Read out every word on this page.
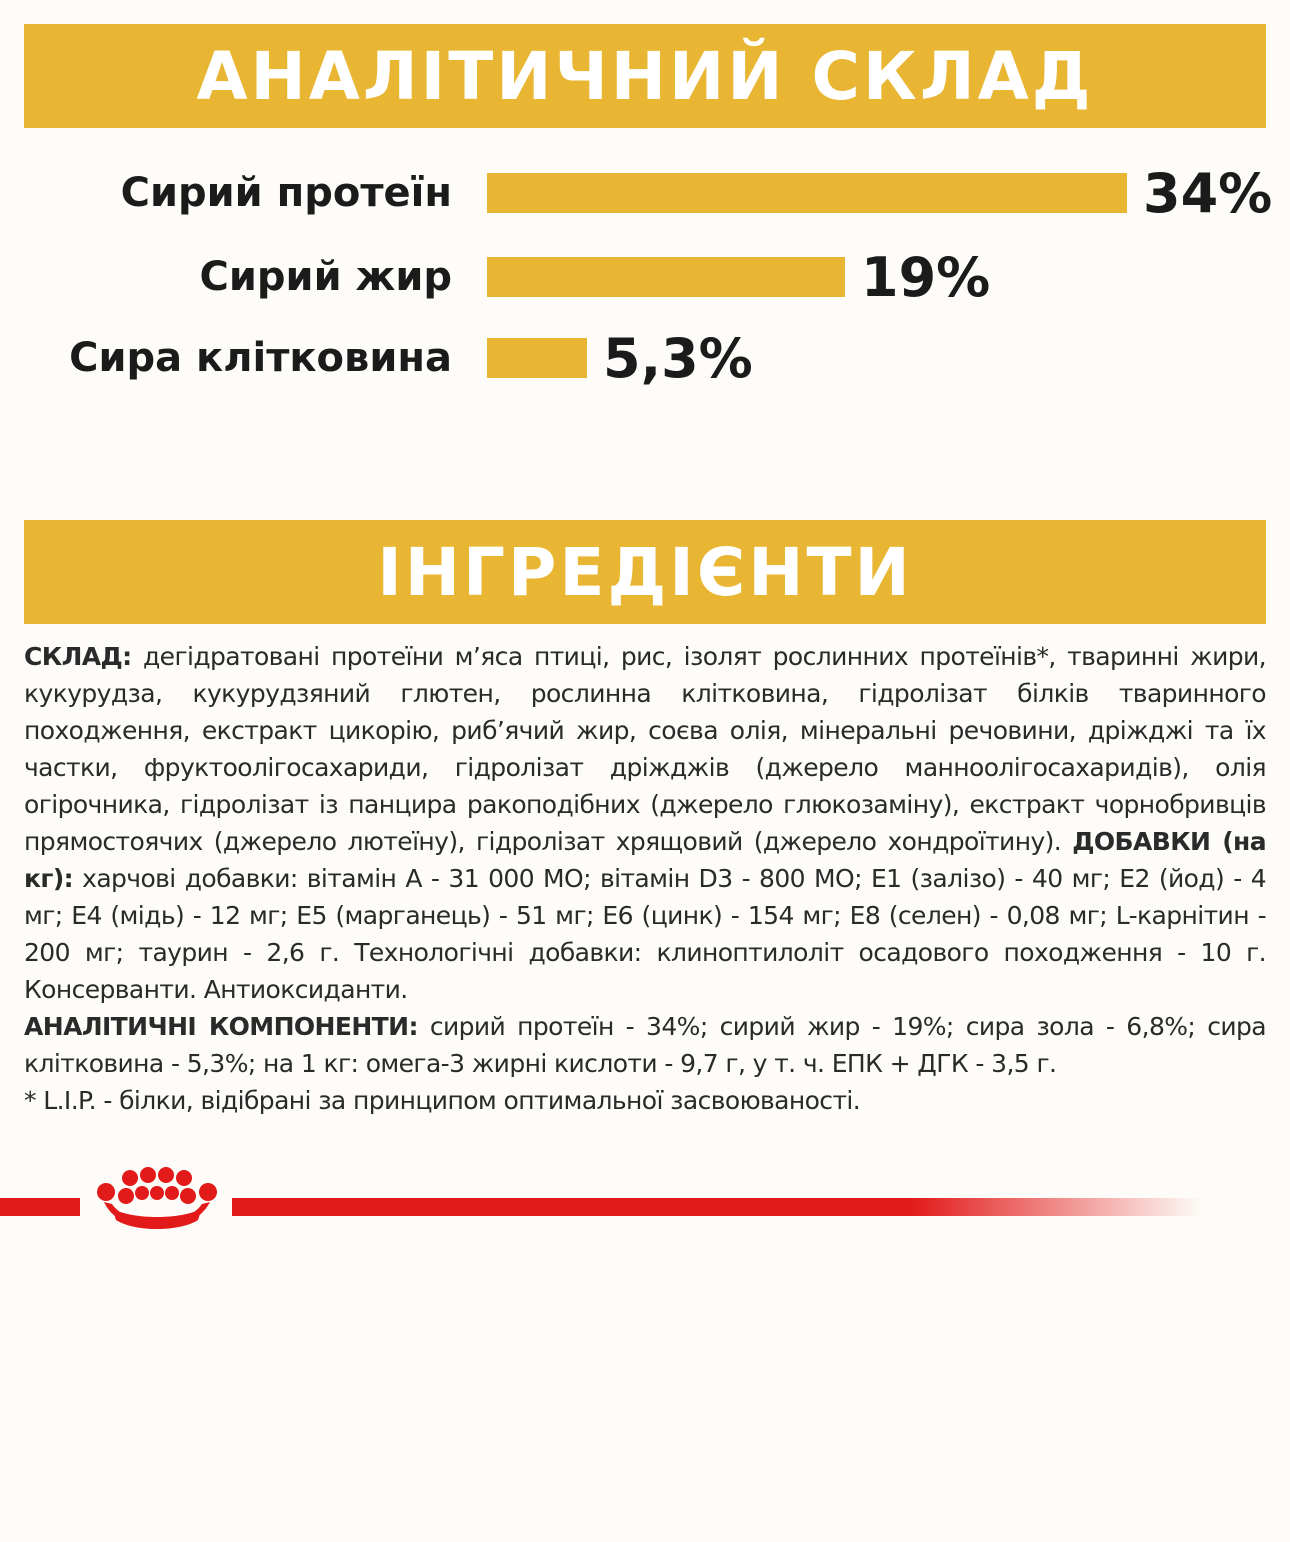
АНАЛІТИЧНИЙ СКЛАД
Сирий протеїн	34%
Сирий жир	19%
Сира клітковина	5,3%
ІНГРЕДІЄНТИ
СКЛАД: дегідратовані протеїни м’яса птиці, рис, ізолят рослинних протеїнів*, тваринні жири, кукурудза, кукурудзяний глютен, рослинна клітковина, гідролізат білків тваринного походження, екстракт цикорію, риб’ячий жир, соєва олія, мінеральні речовини, дріжджі та їх частки, фруктоолігосахариди, гідролізат дріжджів (джерело манноолігосахаридів), олія огірочника, гідролізат із панцира ракоподібних (джерело глюкозаміну), екстракт чорнобривців прямостоячих (джерело лютеїну), гідролізат хрящовий (джерело хондроїтину). ДОБАВКИ (на кг): харчові добавки: вітамін А - 31 000 МО; вітамін D3 - 800 МО; Е1 (залізо) - 40 мг; Е2 (йод) - 4 мг; Е4 (мідь) - 12 мг; Е5 (марганець) - 51 мг; Е6 (цинк) - 154 мг; Е8 (селен) - 0,08 мг; L-карнітин - 200 мг; таурин - 2,6 г. Технологічні добавки: клиноптилоліт осадового походження - 10 г. Консерванти. Антиоксиданти.
АНАЛІТИЧНІ КОМПОНЕНТИ: сирий протеїн - 34%; сирий жир - 19%; сира зола - 6,8%; сира клітковина - 5,3%; на 1 кг: омега-3 жирні кислоти - 9,7 г, у т. ч. ЕПК + ДГК - 3,5 г.
* L.I.P. - білки, відібрані за принципом оптимальної засвоюваності.
